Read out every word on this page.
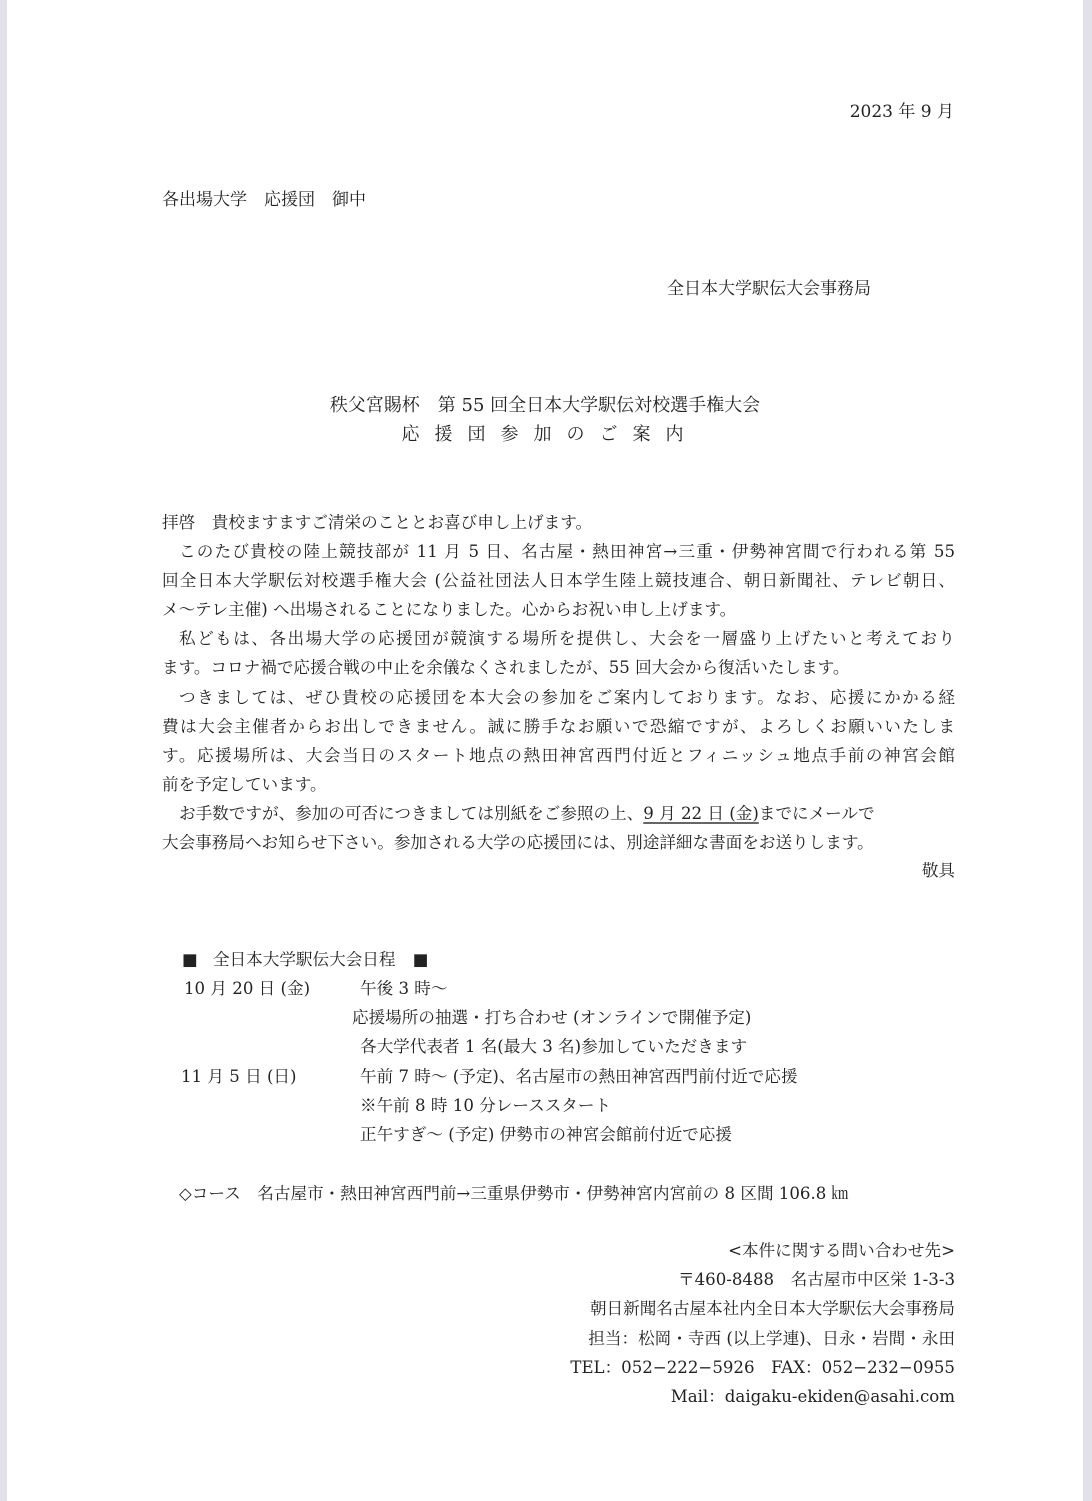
2023 年 9 月
各出場大学　応援団　御中
全日本大学駅伝大会事務局
秩父宮賜杯　第 55 回全日本大学駅伝対校選手権大会
応援団参加のご案内
拝啓　貴校ますますご清栄のこととお喜び申し上げます。
このたび貴校の陸上競技部が 11 月 5 日、名古屋・熱田神宮→三重・伊勢神宮間で行われる第 55
回全日本大学駅伝対校選手権大会 (公益社団法人日本学生陸上競技連合、朝日新聞社、テレビ朝日、
メ〜テレ主催) へ出場されることになりました。心からお祝い申し上げます。
私どもは、各出場大学の応援団が競演する場所を提供し、大会を一層盛り上げたいと考えており
ます。コロナ禍で応援合戦の中止を余儀なくされましたが、55 回大会から復活いたします。
つきましては、ぜひ貴校の応援団を本大会の参加をご案内しております。なお、応援にかかる経
費は大会主催者からお出しできません。誠に勝手なお願いで恐縮ですが、よろしくお願いいたしま
す。応援場所は、大会当日のスタート地点の熱田神宮西門付近とフィニッシュ地点手前の神宮会館
前を予定しています。
お手数ですが、参加の可否につきましては別紙をご参照の上、9 月 22 日 (金)までにメールで
大会事務局へお知らせ下さい。参加される大学の応援団には、別途詳細な書面をお送りします。
敬具
■ 全日本大学駅伝大会日程 ■
10 月 20 日 (金)	午後 3 時〜
応援場所の抽選・打ち合わせ (オンラインで開催予定)
各大学代表者 1 名(最大 3 名)参加していただきます
11 月 5 日 (日)	午前 7 時〜 (予定)、名古屋市の熱田神宮西門前付近で応援
※午前 8 時 10 分レーススタート
正午すぎ〜 (予定) 伊勢市の神宮会館前付近で応援
◇コース　名古屋市・熱田神宮西門前→三重県伊勢市・伊勢神宮内宮前の 8 区間 106.8 ㎞
<本件に関する問い合わせ先>
〒460-8488　名古屋市中区栄 1-3-3
朝日新聞名古屋本社内全日本大学駅伝大会事務局
担当：松岡・寺西 (以上学連)、日永・岩間・永田
TEL：052−222−5926　FAX：052−232−0955
Mail：daigaku-ekiden@asahi.com
